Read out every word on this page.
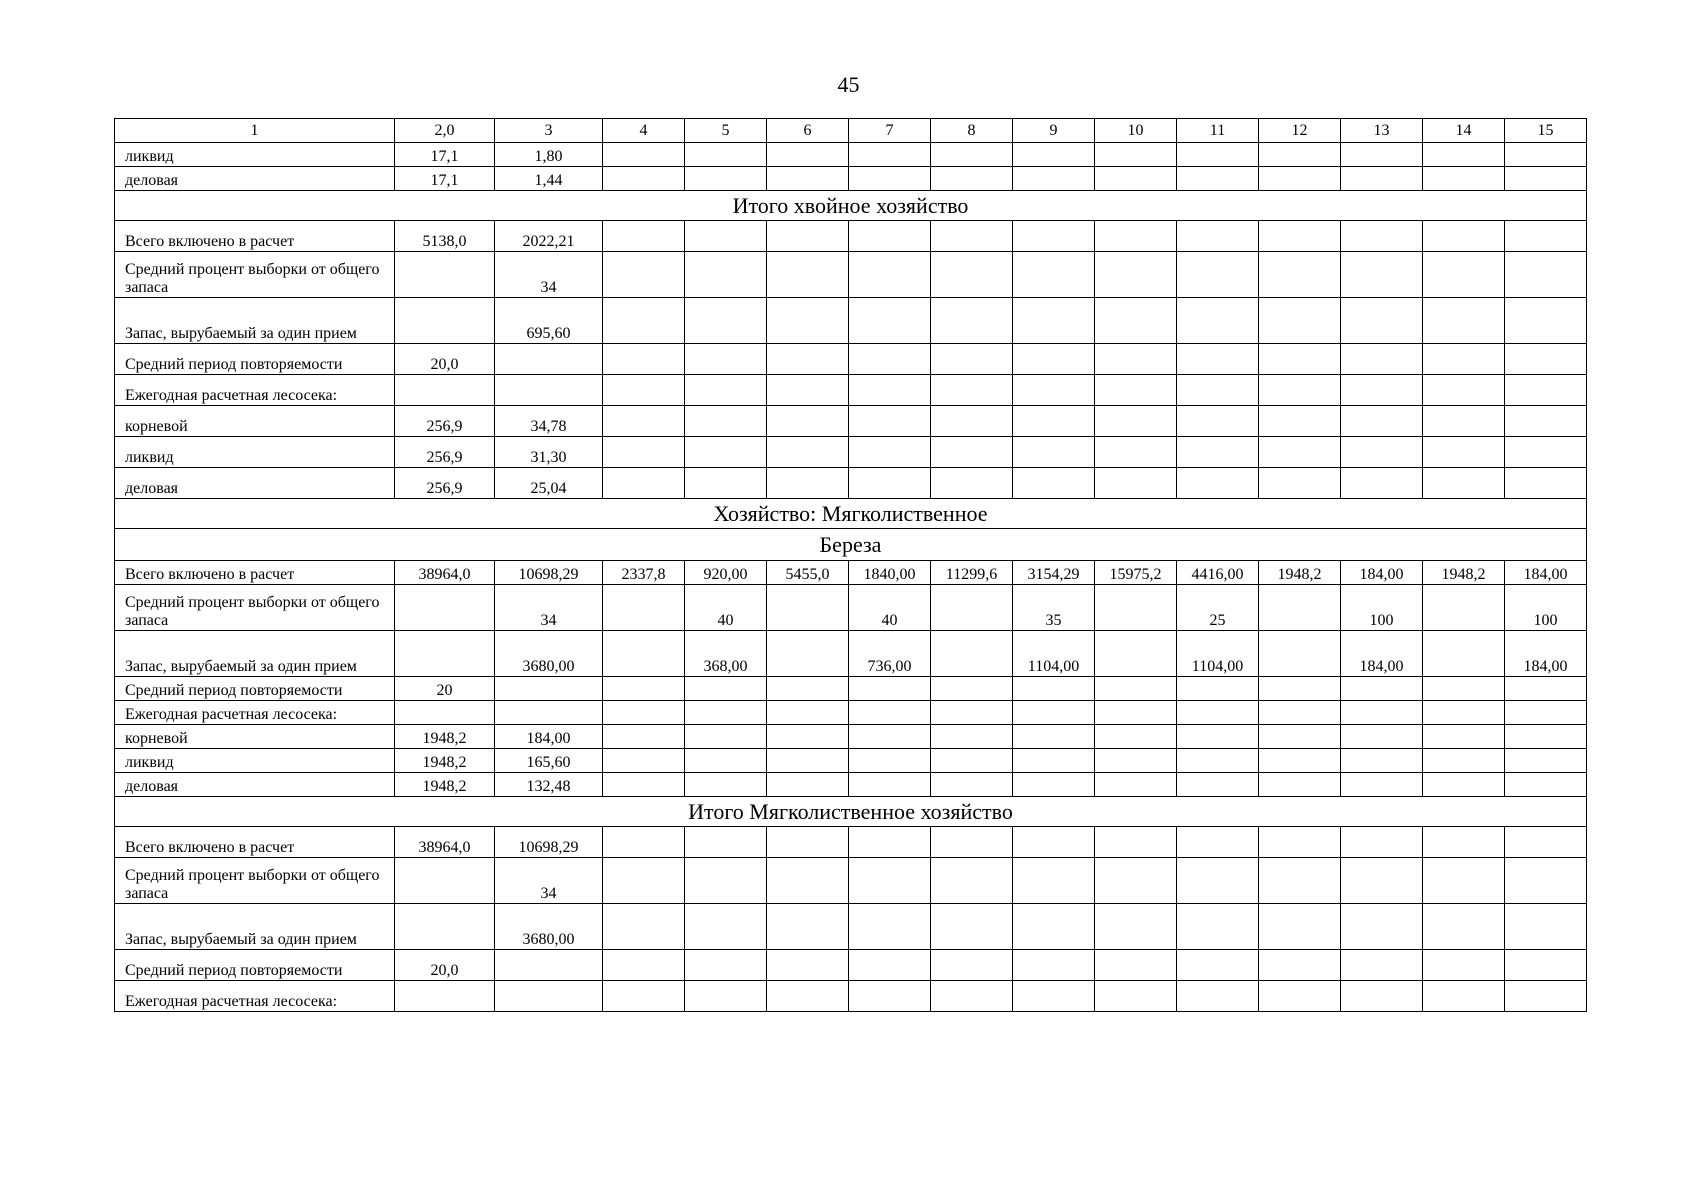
45
1	2,0	3	4	5	6	7	8	9	10	11	12	13	14	15
ликвид	17,1	1,80												
деловая	17,1	1,44												
Итого хвойное хозяйство														
Всего включено в расчет	5138,0	2022,21												
Средний процент выборки от общего запаса		34												
Запас, вырубаемый за один прием		695,60												
Средний период повторяемости	20,0													
Ежегодная расчетная лесосека:														
корневой	256,9	34,78												
ликвид	256,9	31,30												
деловая	256,9	25,04												
Хозяйство: Мягколиственное														
Береза														
Всего включено в расчет	38964,0	10698,29	2337,8	920,00	5455,0	1840,00	11299,6	3154,29	15975,2	4416,00	1948,2	184,00	1948,2	184,00
Средний процент выборки от общего запаса		34		40		40		35		25		100		100
Запас, вырубаемый за один прием		3680,00		368,00		736,00		1104,00		1104,00		184,00		184,00
Средний период повторяемости	20													
Ежегодная расчетная лесосека:														
корневой	1948,2	184,00												
ликвид	1948,2	165,60												
деловая	1948,2	132,48												
Итого Мягколиственное хозяйство														
Всего включено в расчет	38964,0	10698,29												
Средний процент выборки от общего запаса		34												
Запас, вырубаемый за один прием		3680,00												
Средний период повторяемости	20,0													
Ежегодная расчетная лесосека:														
